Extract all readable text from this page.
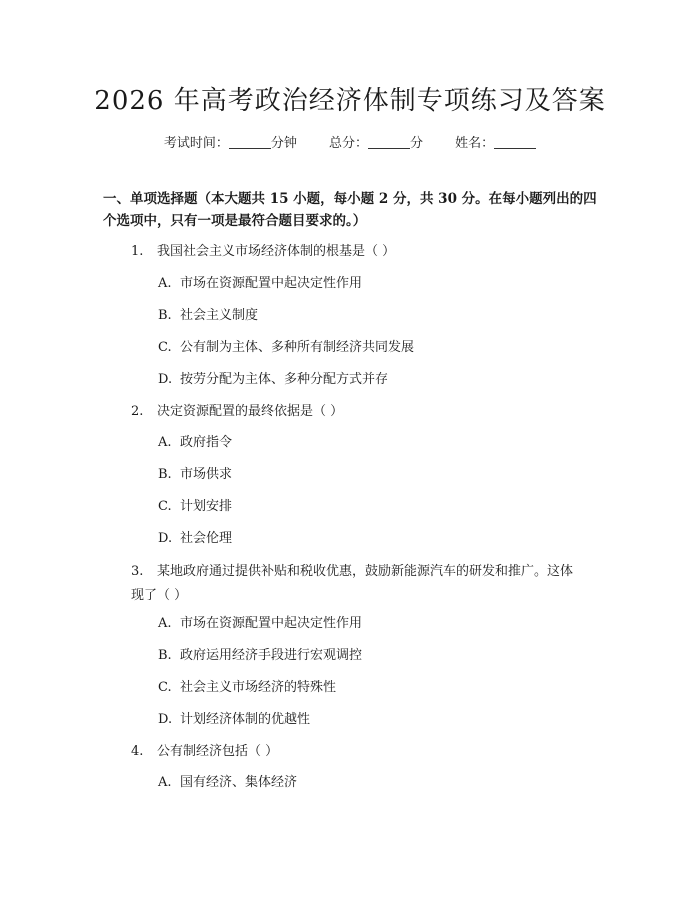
2026 年高考政治经济体制专项练习及答案
考试时间：	分钟 总分：	分 姓名：
一、单项选择题（本大题共 15 小题，每小题 2 分，共 30 分。在每小题列出的四个选项中，只有一项是最符合题目要求的。）
1. 我国社会主义市场经济体制的根基是（ ）
A. 市场在资源配置中起决定性作用
B. 社会主义制度
C. 公有制为主体、多种所有制经济共同发展
D. 按劳分配为主体、多种分配方式并存
2. 决定资源配置的最终依据是（ ）
A. 政府指令
B. 市场供求
C. 计划安排
D. 社会伦理
3. 某地政府通过提供补贴和税收优惠，鼓励新能源汽车的研发和推广。这体现了（ ）
A. 市场在资源配置中起决定性作用
B. 政府运用经济手段进行宏观调控
C. 社会主义市场经济的特殊性
D. 计划经济体制的优越性
4. 公有制经济包括（ ）
A. 国有经济、集体经济
